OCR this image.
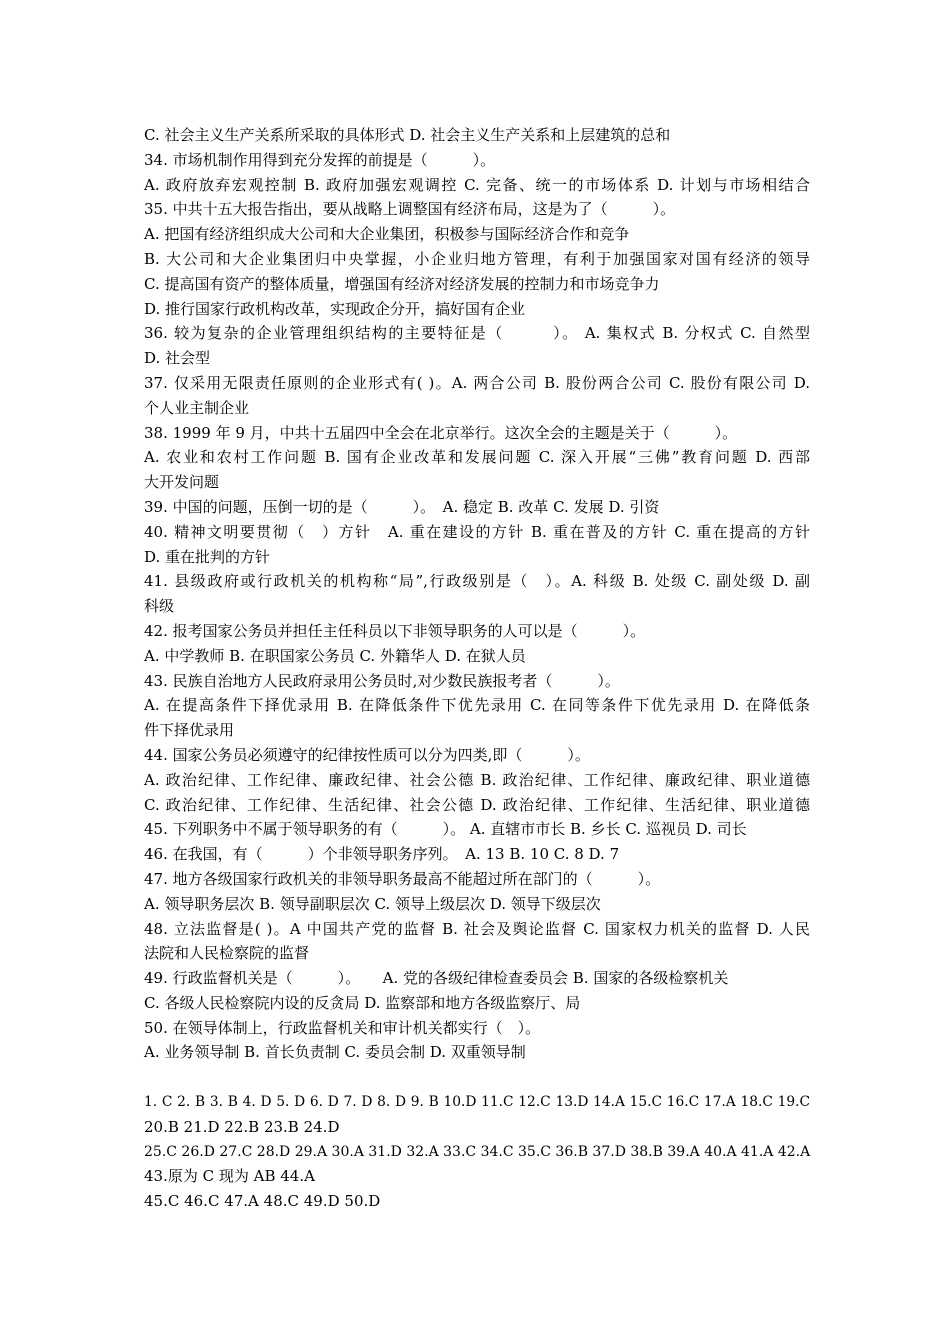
C. 社会主义生产关系所采取的具体形式 D. 社会主义生产关系和上层建筑的总和
34. 市场机制作用得到充分发挥的前提是（　　　）。
A. 政府放弃宏观控制 B. 政府加强宏观调控 C. 完备、统一的市场体系 D. 计划与市场相结合
35. 中共十五大报告指出，要从战略上调整国有经济布局，这是为了（　　　）。
A. 把国有经济组织成大公司和大企业集团，积极参与国际经济合作和竞争
B. 大公司和大企业集团归中央掌握，小企业归地方管理，有利于加强国家对国有经济的领导
C. 提高国有资产的整体质量，增强国有经济对经济发展的控制力和市场竞争力
D. 推行国家行政机构改革，实现政企分开，搞好国有企业
36. 较为复杂的企业管理组织结构的主要特征是（　　　）。 A. 集权式 B. 分权式 C. 自然型
D. 社会型
37. 仅采用无限责任原则的企业形式有( )。A. 两合公司 B. 股份两合公司 C. 股份有限公司 D.
个人业主制企业
38. 1999 年 9 月，中共十五届四中全会在北京举行。这次全会的主题是关于（　　　）。
A. 农业和农村工作问题 B. 国有企业改革和发展问题 C. 深入开展“三佛”教育问题 D. 西部
大开发问题
39. 中国的问题，压倒一切的是（　　　）。　A. 稳定 B. 改革 C. 发展 D. 引资
40. 精神文明要贯彻（　）方针　A. 重在建设的方针 B. 重在普及的方针 C. 重在提高的方针
D. 重在批判的方针
41. 县级政府或行政机关的机构称“局”,行政级别是（　）。A. 科级 B. 处级 C. 副处级 D. 副
科级
42. 报考国家公务员并担任主任科员以下非领导职务的人可以是（　　　）。
A. 中学教师 B. 在职国家公务员 C. 外籍华人 D. 在狱人员
43. 民族自治地方人民政府录用公务员时,对少数民族报考者（　　　）。
A. 在提高条件下择优录用 B. 在降低条件下优先录用 C. 在同等条件下优先录用 D. 在降低条
件下择优录用
44. 国家公务员必须遵守的纪律按性质可以分为四类,即（　　　）。
A. 政治纪律、工作纪律、廉政纪律、社会公德 B. 政治纪律、工作纪律、廉政纪律、职业道德
C. 政治纪律、工作纪律、生活纪律、社会公德 D. 政治纪律、工作纪律、生活纪律、职业道德
45. 下列职务中不属于领导职务的有（　　　）。 A. 直辖市市长 B. 乡长 C. 巡视员 D. 司长
46. 在我国，有（　　　）个非领导职务序列。　A. 13 B. 10 C. 8 D. 7
47. 地方各级国家行政机关的非领导职务最高不能超过所在部门的（　　　）。
A. 领导职务层次 B. 领导副职层次 C. 领导上级层次 D. 领导下级层次
48. 立法监督是( )。A 中国共产党的监督 B. 社会及舆论监督 C. 国家权力机关的监督 D. 人民
法院和人民检察院的监督
49. 行政监督机关是（　　　）。　　A. 党的各级纪律检查委员会 B. 国家的各级检察机关
C. 各级人民检察院内设的反贪局 D. 监察部和地方各级监察厅、局
50. 在领导体制上，行政监督机关和审计机关都实行（　）。
A. 业务领导制 B. 首长负责制 C. 委员会制 D. 双重领导制
1. C 2. B 3. B 4. D 5. D 6. D 7. D 8. D 9. B 10.D 11.C 12.C 13.D 14.A 15.C 16.C 17.A 18.C 19.C
20.B 21.D 22.B 23.B 24.D
25.C 26.D 27.C 28.D 29.A 30.A 31.D 32.A 33.C 34.C 35.C 36.B 37.D 38.B 39.A 40.A 41.A 42.A
43.原为 C 现为 AB 44.A
45.C 46.C 47.A 48.C 49.D 50.D
